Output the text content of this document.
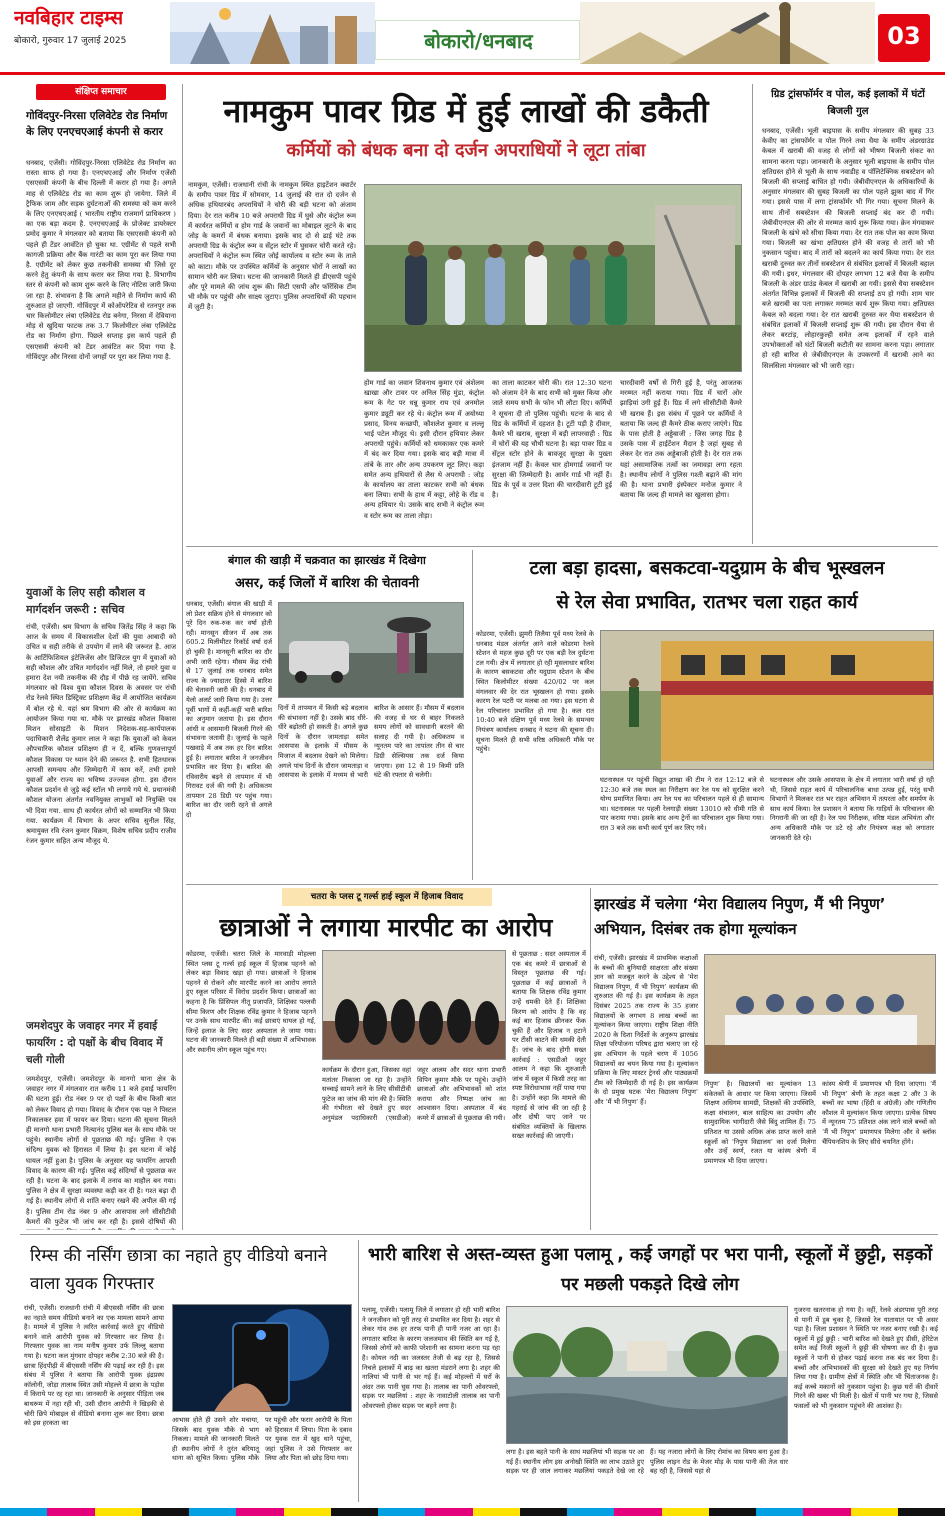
नवबिहार टाइम्स
बोकारो, गुरुवार 17 जुलाई 2025	बोकारो/धनबाद	03
संक्षिप्त समाचार
गोविंदपुर-निरसा एलिवेटेड रोड निर्माण के लिए एनएचएआई कंपनी से करार
धनबाद, एजेंसी। गोविंदपुर-निरसा एलिवेटेड रोड निर्माण का रास्ता साफ हो गया है। एनएचएआई और निर्माण एजेंसी एसएसवी कंपनी के बीच दिल्ली में करार हो गया है। अगले माह से एलिवेटेड रोड का काम शुरू हो जायेगा. जिले में ट्रैफिक जाम और सड़क दुर्घटनाओं की समस्या को कम करने के लिए एनएचएआई ( भारतीय राष्ट्रीय राजमार्ग प्राधिकरण ) का एक बड़ा कदम है. एनएचएआई के प्रोजेक्ट डायरेक्टर प्रमोद कुमार ने मंगलवार को बताया कि एसएसवी कंपनी को पहले ही टेंडर आवंटित हो चुका था. एग्रीमेंट से पहले सभी कागजी प्रक्रिया और बैंक गारंटी का काम पूरा कर लिया गया है. एग्रीमेंट को लेकर कुछ तकनीकी समस्या थी जिसे दूर करने हेतु कंपनी के साथ करार कर लिया गया है. विभागीय स्तर से कंपनी को काम शुरू करने के लिए नोटिस जारी किया जा रहा है. संभावना है कि अगले महीने से निर्माण कार्य की शुरुआत हो जाएगी. गोविंदपुर में कोऑपरेटिव से रतनपुर तक चार किलोमीटर लंबा एलिवेटेड रोड बनेगा, निरसा में देवियाना मोड़ से खुदिया फाटक तक 3.7 किलोमीटर लंबा एलिवेटेड रोड का निर्माण होगा. पिछले सप्ताह इस कार्य पहले ही एसएसवी कंपनी को टेंडर आवंटित कर दिया गया है. गोविंदपुर और निरसा दोनों जगहों पर पूरा कर लिया गया है.
युवाओं के लिए सही कौशल व मार्गदर्शन जरूरी : सचिव
रांची, एजेंसी। श्रम विभाग के सचिव जितेंद्र सिंह ने कहा कि आज के समय में विकासशील देशों की युवा आबादी को उचित व सही तरीके से उपयोग में लाने की जरूरत है. आज के आर्टिफिशियल इंटेलिजेंस और डिजिटल युग में युवाओं को सही कौशल और उचित मार्गदर्शन नहीं मिले, तो हमारे युवा व हमारा देश नयी तकनीक की दौड़ में पीछे रह जायेंगे. सचिव मंगलवार को विश्व युवा कौशल दिवस के अवसर पर रांची रोड रेलवे स्थित डिस्ट्रिक्ट प्रशिक्षण केंद्र में आयोजित कार्यक्रम में बोल रहे थे. यहां श्रम विभाग की ओर से कार्यक्रम का आयोजन किया गया था. मौके पर झारखंड कौशल विकास मिशन सोसाइटी के मिशन निदेशक-सह-कार्यपालक पदाधिकारी शैलेंद्र कुमार लाल ने कहा कि युवाओं को केवल औपचारिक कौशल प्रशिक्षण ही न दें, बल्कि गुणवत्तापूर्ण कौशल विकास पर ध्यान देने की जरूरत है. सभी हितधारक आपसी समन्वय और जिम्मेदारी में काम करें, तभी हमारे युवाओं और राज्य का भविष्य उज्ज्वल होगा. इस दौरान कौशल प्रदर्शन से जुड़े कई स्टॉल भी लगाये गये थे. प्रधानमंत्री कौशल योजना अंतर्गत नवनियुक्त लाभुकों को नियुक्ति पत्र भी दिया गया. साथ ही कार्यरत लोगों को सम्मानित भी किया गया. कार्यक्रम में विभाग के अपर सचिव सुनील सिंह, श्रमायुक्त रवि रंजन कुमार विक्रम, विशेष सचिव प्रदीप राजीव रंजन कुमार सहित अन्य मौजूद थे.
जमशेदपुर के जवाहर नगर में हवाई फायरिंग : दो पक्षों के बीच विवाद में चली गोली
जमशेदपुर, एजेंसी। जमशेदपुर के मानगो थाना क्षेत्र के जवाहर नगर में मंगलवार रात करीब 11 बजे हवाई फायरिंग की घटना हुई। रोड नंबर 9 पर दो पक्षों के बीच किसी बात को लेकर विवाद हो गया। विवाद के दौरान एक पक्ष ने पिस्टल निकालकर हवा में फायर कर दिया। घटना की सूचना मिलते ही मानगो थाना प्रभारी नित्यानंद पुलिस बल के साथ मौके पर पहुंचे। स्थानीय लोगों से पूछताछ की गई। पुलिस ने एक संदिग्ध युवक को हिरासत में लिया है। इस घटना में कोई घायल नहीं हुआ है। पुलिस के अनुसार यह फायरिंग आपसी विवाद के कारण की गई। पुलिस कई संदिग्धों से पूछताछ कर रही है। घटना के बाद इलाके में तनाव का माहौल बन गया। पुलिस ने क्षेत्र में सुरक्षा व्यवस्था कड़ी कर दी है। गश्त बढ़ा दी गई है। स्थानीय लोगों से शांति बनाए रखने की अपील की गई है। पुलिस टीम रोड नंबर 9 और आसपास लगे सीसीटीवी कैमरों की फुटेज भी जांच कर रही है। इससे दोषियों की
नामकुम पावर ग्रिड में हुई लाखों की डकैती
कर्मियों को बंधक बना दो दर्जन अपराधियों ने लूटा तांबा
नामकुम, एजेंसी। राजधानी रांची के नामकुम स्थित हाइटेंशन क्वार्टर के समीप पावर ग्रिड में सोमवार, 14 जुलाई की रात दो दर्जन से अधिक हथियारबंद अपराधियों ने चोरी की बड़ी घटना को अंजाम दिया। देर रात करीब 10 बजे अपराधी ग्रिड में घुसे और कंट्रोल रूम में कार्यरत कर्मियों व होम गार्ड के जवानों का मोबाइल लूटने के बाद जोड़ के कमरों में बंधक बनाया। इसके बाद दो से ढाई घंटे तक अपराधी ग्रिड के कंट्रोल रूम व सेंट्रल स्टोर में घुसकर चोरी करते रहे। अपराधियों ने कंट्रोल रूम स्थित जोई कार्यालय व स्टोर रूम के ताले को काटा। मौके पर उपस्थित कर्मियों के अनुसार चोरों ने लाखों का सामान चोरी कर लिया। घटना की जानकारी मिलते ही डीएसपी पहुंचे और पूरे मामले की जांच शुरू की। सिटी एसपी और फॉरेंसिक टीम भी मौके पर पहुंची और साक्ष्य जुटाए। पुलिस अपराधियों की पहचान में जुटी है।
होम गार्ड का जवान शिवनाथ कुमार एवं अंशेलम खाखा और टावर पर अनिल सिंह मुंडा, कंट्रोल रूम के गेट पर धन्नू कुमार राय एवं अनमोल कुमार ड्यूटी कर रहे थे। कंट्रोल रूम में अयोध्या प्रसाद, विनय कच्छपी, कौशलेश कुमार व लल्लू भाई पटेल मौजूद थे। इसी दौरान हथियार लेकर अपराधी पहुंचे। कर्मियों को धमकाकर एक कमरे में बंद कर दिया गया। इसके बाद बड़ी मात्रा में तांबे के तार और अन्य उपकरण लूट लिए। कड़ा समेत अन्य हथियारों से लैस थे अपराधी : जोड़ के कार्यालय का ताला काटकर सभी को बंधक बना लिया। सभी के हाथ में कट्टा, लोहे के रॉड व अन्य हथियार थे। उसके बाद सभी ने कंट्रोल रूम व स्टोर रूम का ताला तोड़ा।
का ताला काटकर चोरी की। रात 12:30 घटना को अंजाम देने के बाद सभी को मुक्त किया और जाते समय सभी के फोन भी लौटा दिए। कर्मियों ने सूचना दी तो पुलिस पहुंची। घटना के बाद से ग्रिड के कर्मियों में दहशत है। टूटी पड़ी है दीवार, कैमरे भी खराब, सुरक्षा में बड़ी लापरवाही : ग्रिड में चोरों की यह चौथी घटना है। बड़ा पावर ग्रिड व सेंट्रल स्टोर होने के बावजूद सुरक्षा के पुख्ता इंतजाम नहीं हैं। केवल चार होमगार्ड जवानों पर सुरक्षा की जिम्मेदारी है। आर्मर गार्ड भी नहीं हैं। ग्रिड के पूर्व व उत्तर दिशा की चारदीवारी टूटी हुई है।
चारदीवारी वर्षों से गिरी हुई है, परंतु आजतक मरम्मत नहीं कराया गया। ग्रिड में चारों ओर झाड़ियां उगी हुई हैं। ग्रिड में लगे सीसीटीवी कैमरे भी खराब हैं। इस संबंध में पूछने पर कर्मियों ने बताया कि जल्द ही कैमरे ठीक कराए जाएंगे। ग्रिड के पास होती है अड्डेबाजी : जिस जगह ग्रिड है उसके पास में हाईटेंशन मैदान है जहां सुबह से लेकर देर रात तक अड्डेबाजी होती है। देर रात तक यहां असामाजिक तत्वों का जमावड़ा लगा रहता है। स्थानीय लोगों ने पुलिस गश्ती बढ़ाने की मांग की है। थाना प्रभारी इंस्पेक्टर मनोज कुमार ने बताया कि जल्द ही मामले का खुलासा होगा।
ग्रिड ट्रांसफॉर्मर व पोल, कई इलाकों में घंटों बिजली गुल
धनबाद, एजेंसी। भूली बाइपास के समीप मंगलवार की सुबह 33 केवीए का ट्रांसफॉर्मर व पोल गिरने तथा धैया के समीप अंडरग्राउंड केबल में खराबी की वजह से लोगों को भीषण बिजली संकट का सामना करना पड़ा। जानकारी के अनुसार भूली बाइपास के समीप पोल क्षतिग्रस्त होने से भूली के साथ नवाडीह व पॉलिटेक्निक सबस्टेशन को बिजली की सप्लाई बाधित हो गयी। जेबीवीएनएल के अधिकारियों के अनुसार मंगलवार की सुबह बिजली का पोल पहले झुका बाद में गिर गया। इससे पास में लगा ट्रांसफॉर्मर भी गिर गया। सूचना मिलने के साथ तीनों सबस्टेशन की बिजली सप्लाई बंद कर दी गयी। जेबीवीएनएल की ओर से मरम्मत कार्य शुरू किया गया। क्रेन मंगवाकर बिजली के खंभे को सीधा किया गया। देर रात तक पोल का काम किया गया। बिजली का खंभा क्षतिग्रस्त होने की वजह से तारों को भी नुकसान पहुंचा। बाद में तारों को बदलने का कार्य किया गया। देर रात खराबी दुरुस्त कर तीनों सबस्टेशन से संबंधित इलाकों में बिजली बहाल की गयी। इधर, मंगलवार की दोपहर लगभग 12 बजे धैया के समीप बिजली के अंडर ग्राउंड केबल में खराबी आ गयी। इससे धैया सबस्टेशन अंतर्गत विभिन्न इलाकों में बिजली की सप्लाई ठप हो गयी। शाम चार बजे खराबी का पता लगाकर मरम्मत कार्य शुरू किया गया। क्षतिग्रस्त केबल को बदला गया। देर रात खराबी दुरुस्त कर धैया सबस्टेशन से संबंधित इलाकों में बिजली सप्लाई शुरू की गयी। इस दौरान धैया से लेकर बरटांड़, लोहारकुल्ही समेत अन्य इलाकों में रहने वाले उपभोक्ताओं को घंटों बिजली कटौती का सामना करना पड़ा। लगातार हो रही बारिश से जेबीवीएनएल के उपकरणों में खराबी आने का सिलसिला मंगलवार को भी जारी रहा।
बंगाल की खाड़ी में चक्रवात का झारखंड में दिखेगा
असर, कई जिलों में बारिश की चेतावनी
धनबाद, एजेंसी। बंगाल की खाड़ी में लो प्रेशर सक्रिय होने से मंगलवार को पूरे दिन रुक-रुक कर वर्षा होती रही। मानसून सीजन में अब तक 605.2 मिलीमीटर रिकॉर्ड वर्षा दर्ज हो चुकी है। मानसूनी बारिश का दौर अभी जारी रहेगा। मौसम केंद्र रांची से 17 जुलाई तक धनबाद समेत राज्य के ज्यादातर हिस्से में बारिश की चेतावनी जारी की है। धनबाद में येलो अलर्ट जारी किया गया है। उत्तर पूर्वी भागों में कहीं-कहीं भारी बारिश का अनुमान जताया है। इस दौरान आंधी व आसमानी बिजली गिरने की संभावना जतायी है। जुलाई के पहले पखवाड़े में अब तक हर दिन बारिश हुई है। लगातार बारिश ने जनजीवन प्रभावित कर दिया है। बारिश की रविवारीय बढ़ने से तापमान में भी गिरावट दर्ज की गयी है। अधिकतम तापमान 28 डिग्री पर पहुंच गया। बारिश का दौर जारी रहने से अगले दो
दिनों में तापमान में किसी बड़े बदलाव की संभावना नहीं है। उसके बाद धीरे-धीरे बढ़ोतरी हो सकती है। अगले कुछ दिनों के दौरान जामताड़ा समेत आसपास के इलाके में मौसम के मिजाज में बदलाव देखने को मिलेगा। अगले पांच दिनों के दौरान जामताड़ा व आसपास के इलाके में मध्यम से भारी बारिश के आसार हैं। मौसम में बदलाव की वजह से घर से बाहर निकलते समय लोगों को सावधानी बरतने की सलाह दी गयी है। अधिकतम व न्यूनतम पारे का तापांतर तीन से चार डिग्री सेल्सियस तक दर्ज किया जाएगा। हवा 12 से 19 किमी प्रति घंटे की रफ्तार से चलेगी।
टला बड़ा हादसा, बसकटवा-यदुग्राम के बीच भूस्खलन
से रेल सेवा प्रभावित, रातभर चला राहत कार्य
कोडरमा, एजेंसी। झुमरी तिलैया पूर्व मध्य रेलवे के धनबाद मंडल अंतर्गत आने वाले कोडरमा रेलवे स्टेशन से महज कुछ दूरी पर एक बड़ी रेल दुर्घटना टल गयी। क्षेत्र में लगातार हो रही मूसलाधार बारिश के कारण बसकटवा और यदुग्राम स्टेशन के बीच स्थित किलोमीटर संख्या 420/02 पर कल मंगलवार की देर रात भूस्खलन हो गया। इसके कारण रेल पटरी पर मलबा आ गया। इस घटना से रेल परिचालन प्रभावित हो गया है। कल रात 10:40 बजे दक्षिण पूर्व मध्य रेलवे के समन्वय नियंत्रण कार्यालय धनबाद ने घटना की सूचना दी। सूचना मिलते ही सभी वरिष्ठ अधिकारी मौके पर पहुंचे।
घटनास्थल पर पहुंची विद्युत शाखा की टीम ने रात 12:12 बजे से 12:30 बजे तक स्थल का निरीक्षण कर रेल पथ को सुरक्षित करने योग्य प्रमाणित किया। अप रेल पथ का परिचालन पहले से ही सामान्य था। घटनास्थल पर पहली रेलगाड़ी संख्या 13010 को धीमी गति से पार कराया गया। इसके बाद अन्य ट्रेनों का परिचालन शुरू किया गया। रात 3 बजे तक सभी कार्य पूर्ण कर लिए गये।
घटनास्थल और उसके आसपास के क्षेत्र में लगातार भारी वर्षा हो रही थी, जिससे राहत कार्य में परिचालनिक बाधा उत्पन्न हुई, परंतु सभी विभागों ने मिलकर रात भर राहत अभियान में तत्परता और समर्पण के साथ कार्य किया। रेल प्रशासन ने बताया कि गाड़ियों के परिचालन की निगरानी की जा रही है। रेल पथ निरीक्षक, वरिष्ठ मंडल अभियंता और अन्य अधिकारी मौके पर डटे रहे और नियंत्रण कक्ष को लगातार जानकारी देते रहे।
चतरा के प्लस टू गर्ल्स हाई स्कूल में हिजाब विवाद
छात्राओं ने लगाया मारपीट का आरोप
कोडरमा, एजेंसी। चतरा जिले के मारवाड़ी मोहल्ला स्थित प्लस टू गर्ल्स हाई स्कूल में हिजाब पहनने को लेकर बड़ा विवाद खड़ा हो गया। छात्राओं ने हिजाब पहनने से रोकने और मारपीट करने का आरोप लगाते हुए स्कूल परिसर में विरोध प्रदर्शन किया। छात्राओं का कहना है कि प्रिंसिपल नीतू प्रजापति, शिक्षिका पल्लवी सीमा किरण और शिक्षक रविंद्र कुमार ने हिजाब पहनने पर उनके साथ मारपीट की। कई छात्राएं घायल हो गईं, जिन्हें इलाज के लिए सदर अस्पताल ले जाया गया। घटना की जानकारी मिलते ही बड़ी संख्या में अभिभावक और स्थानीय लोग स्कूल पहुंच गए।
कार्यक्रम के दौरान हुआ, जिसका वहां मतांतर निकाला जा रहा है। उन्होंने सच्चाई सामने लाने के लिए सीसीटीवी फुटेज का जांच की मांग की है। स्थिति की गंभीरता को देखते हुए सदर अनुमंडल पदाधिकारी (एसडीओ) जहूर आलम और सदर थाना प्रभारी विपिन कुमार मौके पर पहुंचे। उन्होंने छात्राओं और अभिभावकों को शांत कराया और निष्पक्ष जांच का आश्वासन दिया। अस्पताल में बंद कमरे में छात्राओं से पूछताछ की गयी।
से पूछताछ : सदर अस्पताल में एक बंद कमरे में छात्राओं से विस्तृत पूछताछ की गई। पूछताछ में कई छात्राओं ने बताया कि शिक्षक रविंद्र कुमार उन्हें धमकी देते हैं। शिक्षिका किरण को आरोप है कि वह कई बार हिजाब छीनकर फेंक चुकी हैं और हिजाब न हटाने पर टीसी काटने की धमकी देती हैं। जांच के बाद होगी सख्त कार्रवाई : एसडीओ जहूर आलम ने कहा कि शुरुआती जांच में स्कूल में किसी तरह का स्पष्ट विरोधाभास नहीं पाया गया है। उन्होंने कहा कि मामले की गहराई से जांच की जा रही है और दोषी पाए जाने पर संबंधित व्यक्तियों के खिलाफ सख्त कार्रवाई की जाएगी।
झारखंड में चलेगा ‘मेरा विद्यालय निपुण, मैं भी निपुण’ अभियान, दिसंबर तक होगा मूल्यांकन
रांची, एजेंसी। झारखंड में प्राथमिक कक्षाओं के बच्चों की बुनियादी साक्षरता और संख्या ज्ञान को मजबूत करने के उद्देश्य से ‘मेरा विद्यालय निपुण, मैं भी निपुण’ कार्यक्रम की शुरुआत की गई है। इस कार्यक्रम के तहत दिसंबर 2025 तक राज्य के 35 हजार विद्यालयों के लगभग 8 लाख बच्चों का मूल्यांकन किया जाएगा। राष्ट्रीय शिक्षा नीति 2020 के दिशा निर्देशों के अनुरूप झारखंड शिक्षा परियोजना परिषद द्वारा चलाए जा रहे इस अभियान के पहले चरण में 1056 विद्यालयों का चयन किया गया है। मूल्यांकन प्रक्रिया के लिए मास्टर ट्रेनर्स और पाठ्यक्रमों टीम को जिम्मेदारी दी गई है। इस कार्यक्रम के दो प्रमुख घटक ‘मेरा विद्यालय निपुण’ और ‘मैं भी निपुण’ हैं।
निपुण’ है। विद्यालयों का मूल्यांकन 13 संकेतकों के आधार पर किया जाएगा। जिसमें शिक्षण अधिगम सामग्री, शिक्षकों की उपस्थिति, कक्षा संचालन, बाल साहित्य का उपयोग और सामुदायिक भागीदारी जैसे बिंदु शामिल हैं। 75 प्रतिशत या उससे अधिक अंक प्राप्त करने वाले स्कूलों को ‘निपुण विद्यालय’ का दर्जा मिलेगा और उन्हें स्वर्ण, रजत या कांस्य श्रेणी में प्रमाणपत्र भी दिया जाएगा।
कांस्य श्रेणी में प्रमाणपत्र भी दिया जाएगा। ‘मैं भी निपुण’ श्रेणी के तहत कक्षा 2 और 3 के बच्चों का भाषा (हिंदी व अंग्रेजी) और गणितीय कौशल में मूल्यांकन किया जाएगा। प्रत्येक विषय में न्यूनतम 75 प्रतिशत अंक लाने वाले बच्चों को ‘मैं भी निपुण’ प्रमाणपत्र मिलेगा और वे ब्लॉक चैंपियनशिप के लिए सीधे चयनित होंगे।
रिम्स की नर्सिंग छात्रा का नहाते हुए वीडियो बनाने वाला युवक गिरफ्तार
रांची, एजेंसी। राजधानी रांची में बीएससी नर्सिंग की छात्रा का नहाते समय वीडियो बनाने का एक मामला सामने आया है। मामले में पुलिस ने त्वरित कार्रवाई करते हुए वीडियो बनाने वाले आरोपी युवक को गिरफ्तार कर लिया है। गिरफ्तार युवक का नाम मनीष कुमार उर्फ लिल्लू बताया गया है। घटना कल मुंगवार दोपहर करीब 2:30 बजे की है। छात्रा हिंदपीढ़ी में बीएससी नर्सिंग की पढ़ाई कर रही है। इस संबंध में पुलिस ने बताया कि आरोपी युवक इंद्रप्रस्थ कॉलोनी, जोड़ा तालाब स्थित उसी मोहल्ले में छात्रा के पड़ोस में किराये पर रह रहा था। जानकारी के अनुसार पीड़िता जब बाथरूम में नहा रही थी, उसी दौरान आरोपी ने खिड़की से चोरी छिपे मोबाइल से वीडियो बनाना शुरू कर दिया। छात्रा को इस हरकता का	आभास होते ही उसने शोर मचाया, जिसके बाद युवक मौके से भाग निकला। मामले की जानकारी मिलते ही स्थानीय लोगों ने तुरंत बरियातू थाना को सूचित किया। पुलिस मौके पर पहुंची और फरार आरोपी के पिता को हिरासत में लिया। पिता के दबाव पर युवक रात में खुद थाने पहुंचा, जहां पुलिस ने उसे गिरफ्तार कर लिया और पिता को छोड़ दिया गया।
भारी बारिश से अस्त-व्यस्त हुआ पलामू , कई जगहों पर भरा पानी, स्कूलों में छुट्टी, सड़कों पर मछली पकड़ते दिखे लोग
पलामू, एजेंसी। पलामू जिले में लगातार हो रही भारी बारिश ने जनजीवन को पूरी तरह से प्रभावित कर दिया है। शहर से लेकर गांव तक हर तरफ पानी ही पानी नजर आ रहा है। लगातार बारिश के कारण जलजमाव की स्थिति बन गई है, जिससे लोगों को काफी परेशानी का सामना करना पड़ रहा है। कोयल नदी का जलस्तर तेजी से बढ़ रहा है, जिससे निचले इलाकों में बाढ़ का खतरा मंडराने लगा है। शहर की नालियां भी पानी से भर गई हैं। कई मोहल्लों में घरों के अंदर तक पानी घुस गया है। तालाब का पानी ओवरफ्लो, सड़क पर मछलियां : शहर के नावाटोली तालाब का पानी ओवरफ्लो होकर सड़क पर बहने लगा है।
लगा है। इस बहते पानी के साथ मछलियां भी सड़क पर आ गई हैं। स्थानीय लोग इस अनोखी स्थिति का लाभ उठाते हुए सड़क पर ही जाल लगाकर मछलियां पकड़ते देखे जा रहे हैं। यह नजारा लोगों के लिए रोमांच का विषय बना हुआ है। पुलिस लाइन रोड के मेजर मोड़ के पास पानी की तेज धार बह रही है, जिससे यहां से
गुजरना खतरनाक हो गया है। वहीं, रेलवे अंडरपास पूरी तरह से पानी में डूब चुका है, जिससे रेल यातायात पर भी असर पड़ा है। जिला प्रशासन ने स्थिति पर नजर बनाए रखी है। कई स्कूलों में हुई छुट्टी : भारी बारिश को देखते हुए डीसी, हेरिटेज समेत कई निजी स्कूलों ने छुट्टी की घोषणा कर दी है। कुछ स्कूलों ने पानी से होकर पढ़ाई करना तक बंद कर दिया है। बच्चों और अभिभावकों की सुरक्षा को देखते हुए यह निर्णय लिया गया है। ग्रामीण क्षेत्रों में स्थिति और भी चिंताजनक है। कई कच्चे मकानों को नुकसान पहुंचा है। कुछ घरों की दीवारें गिरने की खबर भी मिली है। खेतों में पानी भर गया है, जिससे फसलों को भी नुकसान पहुंचने की आशंका है।
